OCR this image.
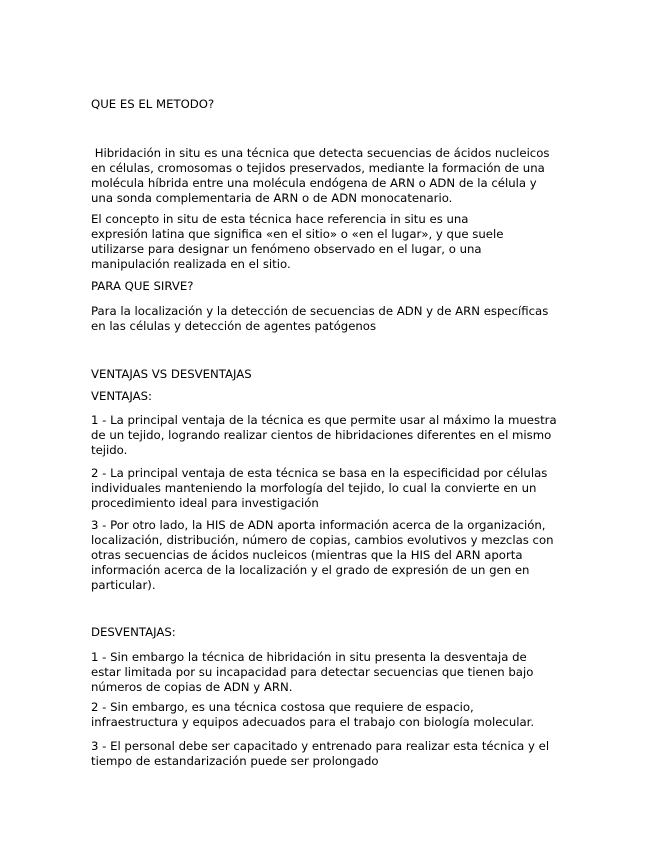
QUE ES EL METODO?

Hibridación in situ es una técnica que detecta secuencias de ácidos nucleicos
en células, cromosomas o tejidos preservados, mediante la formación de una
molécula híbrida entre una molécula endógena de ARN o ADN de la célula y
una sonda complementaria de ARN o de ADN monocatenario.

El concepto in situ de esta técnica hace referencia in situ es una
expresión latina que significa «en el sitio» o «en el lugar», y que suele
utilizarse para designar un fenómeno observado en el lugar, o una
manipulación realizada en el sitio.

PARA QUE SIRVE?

Para la localización y la detección de secuencias de ADN y de ARN específicas
en las células y detección de agentes patógenos

VENTAJAS VS DESVENTAJAS

VENTAJAS:

1 - La principal ventaja de la técnica es que permite usar al máximo la muestra
de un tejido, logrando realizar cientos de hibridaciones diferentes en el mismo
tejido.

2 - La principal ventaja de esta técnica se basa en la especificidad por células
individuales manteniendo la morfología del tejido, lo cual la convierte en un
procedimiento ideal para investigación

3 - Por otro lado, la HIS de ADN aporta información acerca de la organización,
localización, distribución, número de copias, cambios evolutivos y mezclas con
otras secuencias de ácidos nucleicos (mientras que la HIS del ARN aporta
información acerca de la localización y el grado de expresión de un gen en
particular).

DESVENTAJAS:

1 - Sin embargo la técnica de hibridación in situ presenta la desventaja de
estar limitada por su incapacidad para detectar secuencias que tienen bajo
números de copias de ADN y ARN.

2 - Sin embargo, es una técnica costosa que requiere de espacio,
infraestructura y equipos adecuados para el trabajo con biología molecular.

3 - El personal debe ser capacitado y entrenado para realizar esta técnica y el
tiempo de estandarización puede ser prolongado
